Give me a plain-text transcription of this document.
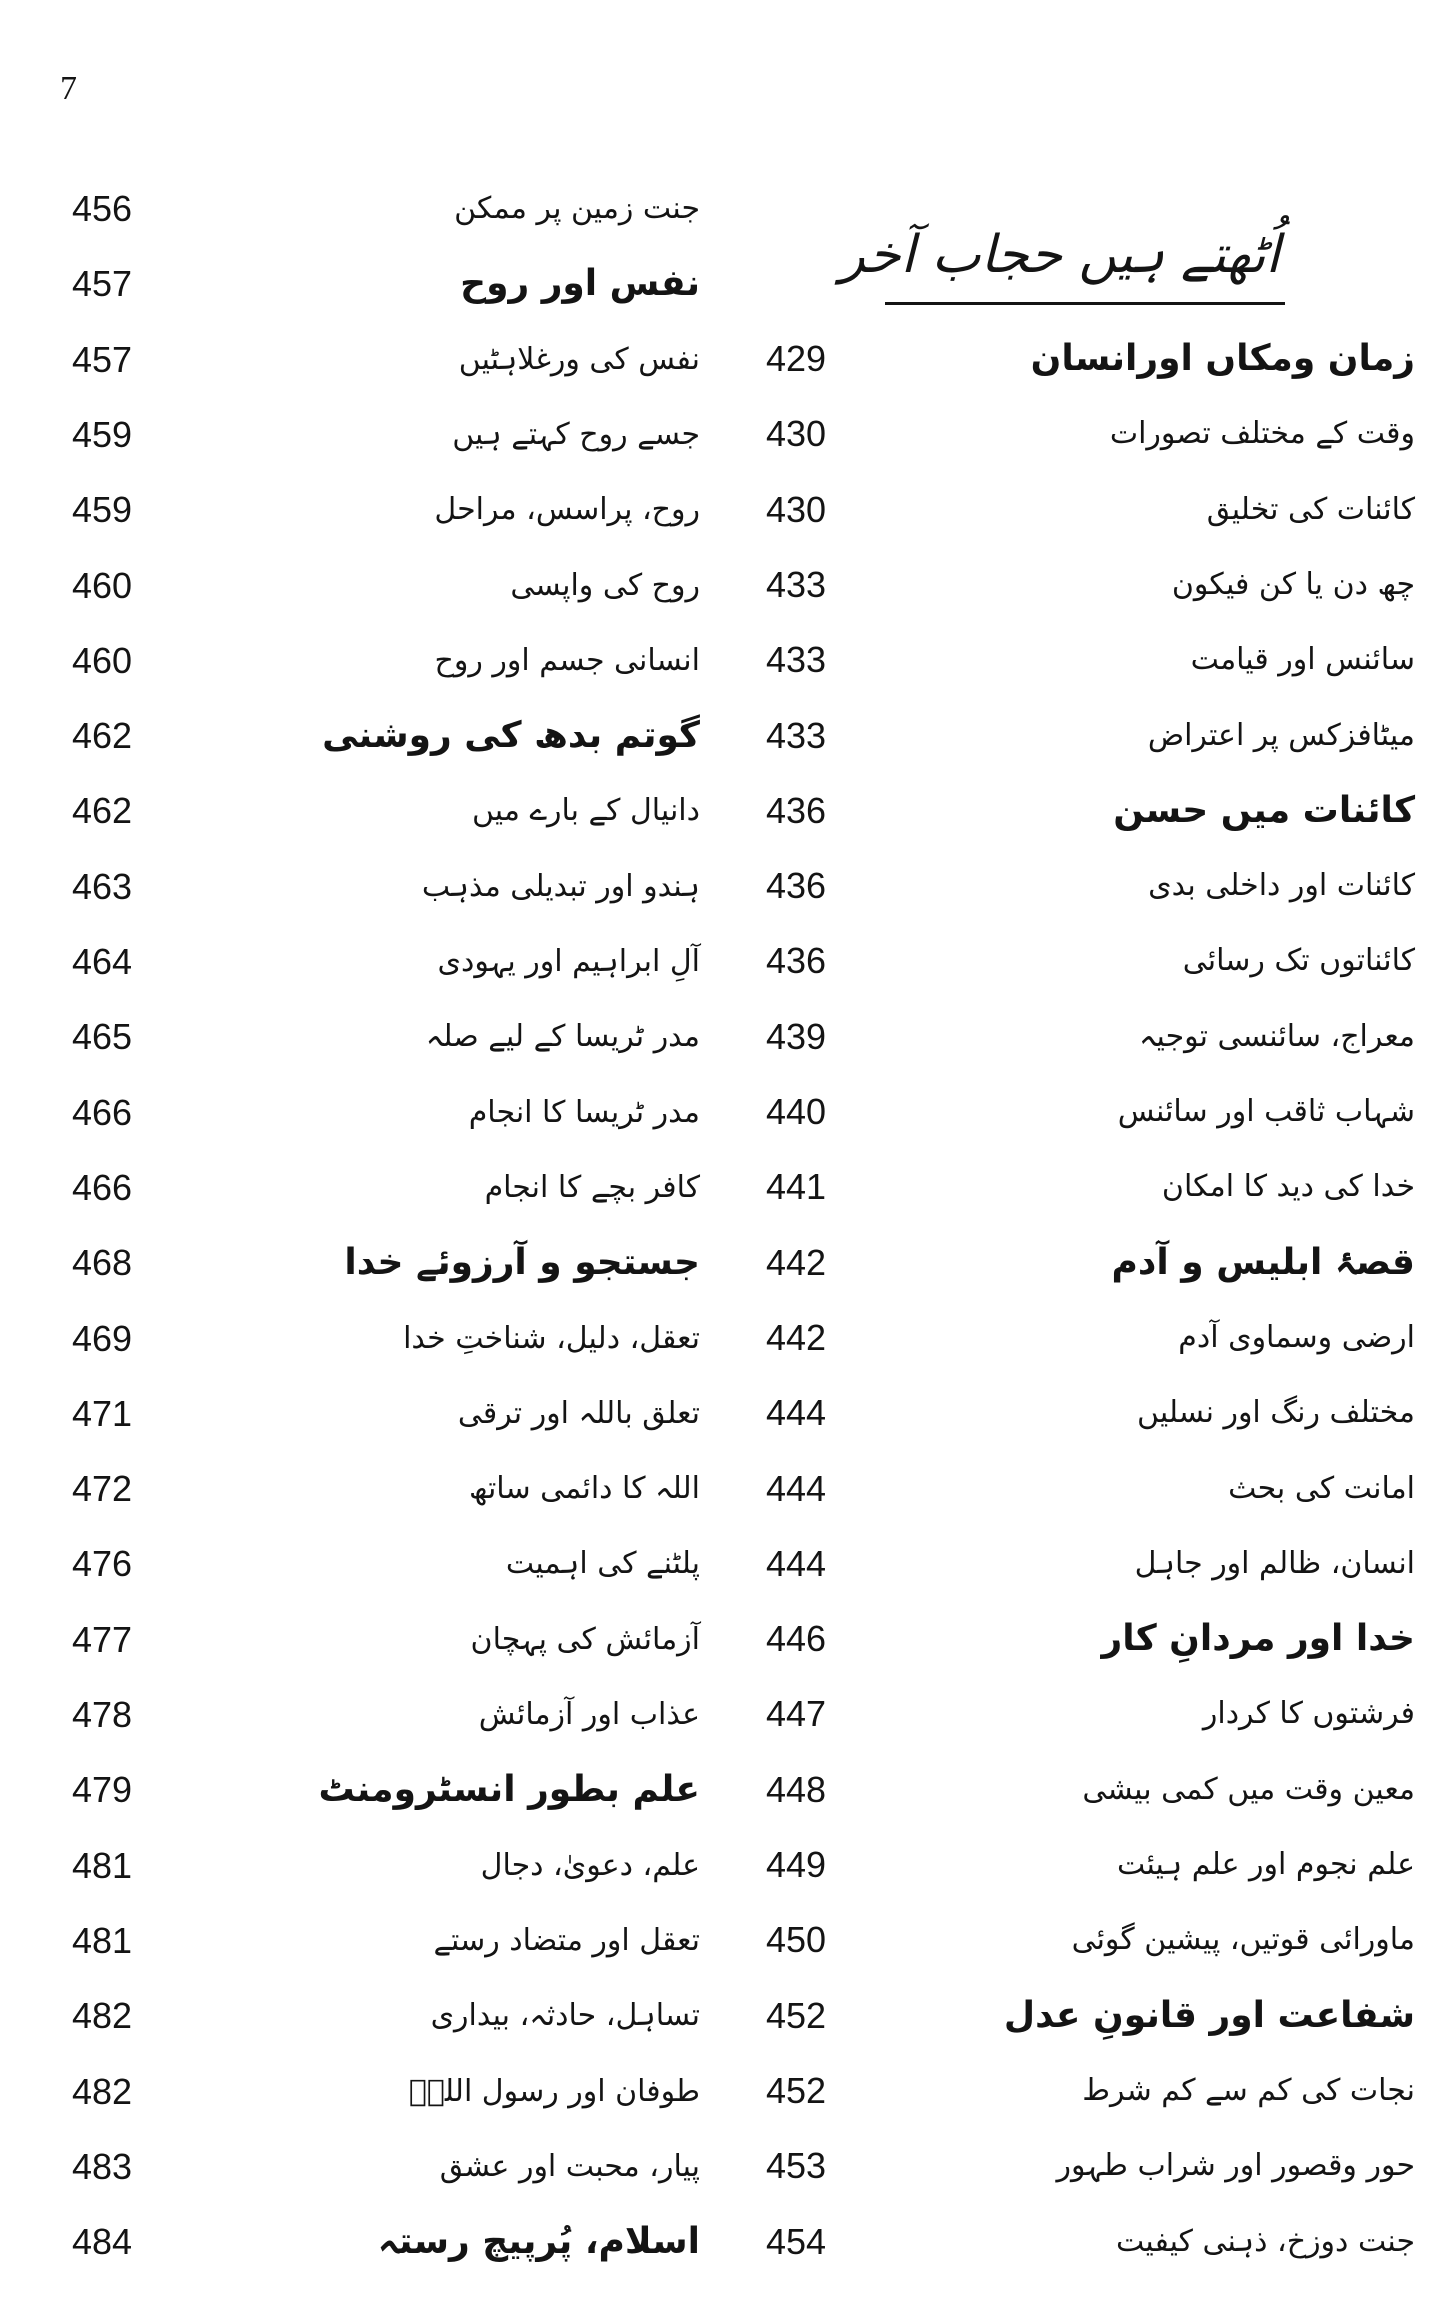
7
اُٹھتے ہیں حجاب آخر
456	جنت زمین پر ممکن
457	نفس اور روح
457	نفس کی ورغلاہٹیں
459	جسے روح کہتے ہیں
459	روح، پراسس، مراحل
460	روح کی واپسی
460	انسانی جسم اور روح
462	گوتم بدھ کی روشنی
462	دانیال کے بارے میں
463	ہندو اور تبدیلی مذہب
464	آلِ ابراہیم اور یہودی
465	مدر ٹریسا کے لیے صلہ
466	مدر ٹریسا کا انجام
466	کافر بچے کا انجام
468	جستجو و آرزوئے خدا
469	تعقل، دلیل، شناختِ خدا
471	تعلق باللہ اور ترقی
472	اللہ کا دائمی ساتھ
476	پلٹنے کی اہمیت
477	آزمائش کی پہچان
478	عذاب اور آزمائش
479	علم بطور انسٹرومنٹ
481	علم، دعویٰ، دجال
481	تعقل اور متضاد رستے
482	تساہل، حادثہ، بیداری
482	طوفان اور رسول اللہؐ
483	پیار، محبت اور عشق
484	اسلام، پُرپیچ رستہ
429	زمان ومکاں اورانسان
430	وقت کے مختلف تصورات
430	کائنات کی تخلیق
433	چھ دن یا کن فیکون
433	سائنس اور قیامت
433	میٹافزکس پر اعتراض
436	کائنات میں حسن
436	کائنات اور داخلی بدی
436	کائناتوں تک رسائی
439	معراج، سائنسی توجیہ
440	شہاب ثاقب اور سائنس
441	خدا کی دید کا امکان
442	قصۂ ابلیس و آدم
442	ارضی وسماوی آدم
444	مختلف رنگ اور نسلیں
444	امانت کی بحث
444	انسان، ظالم اور جاہل
446	خدا اور مردانِ کار
447	فرشتوں کا کردار
448	معین وقت میں کمی بیشی
449	علم نجوم اور علم ہیئت
450	ماورائی قوتیں، پیشین گوئی
452	شفاعت اور قانونِ عدل
452	نجات کی کم سے کم شرط
453	حور وقصور اور شراب طہور
454	جنت دوزخ، ذہنی کیفیت
